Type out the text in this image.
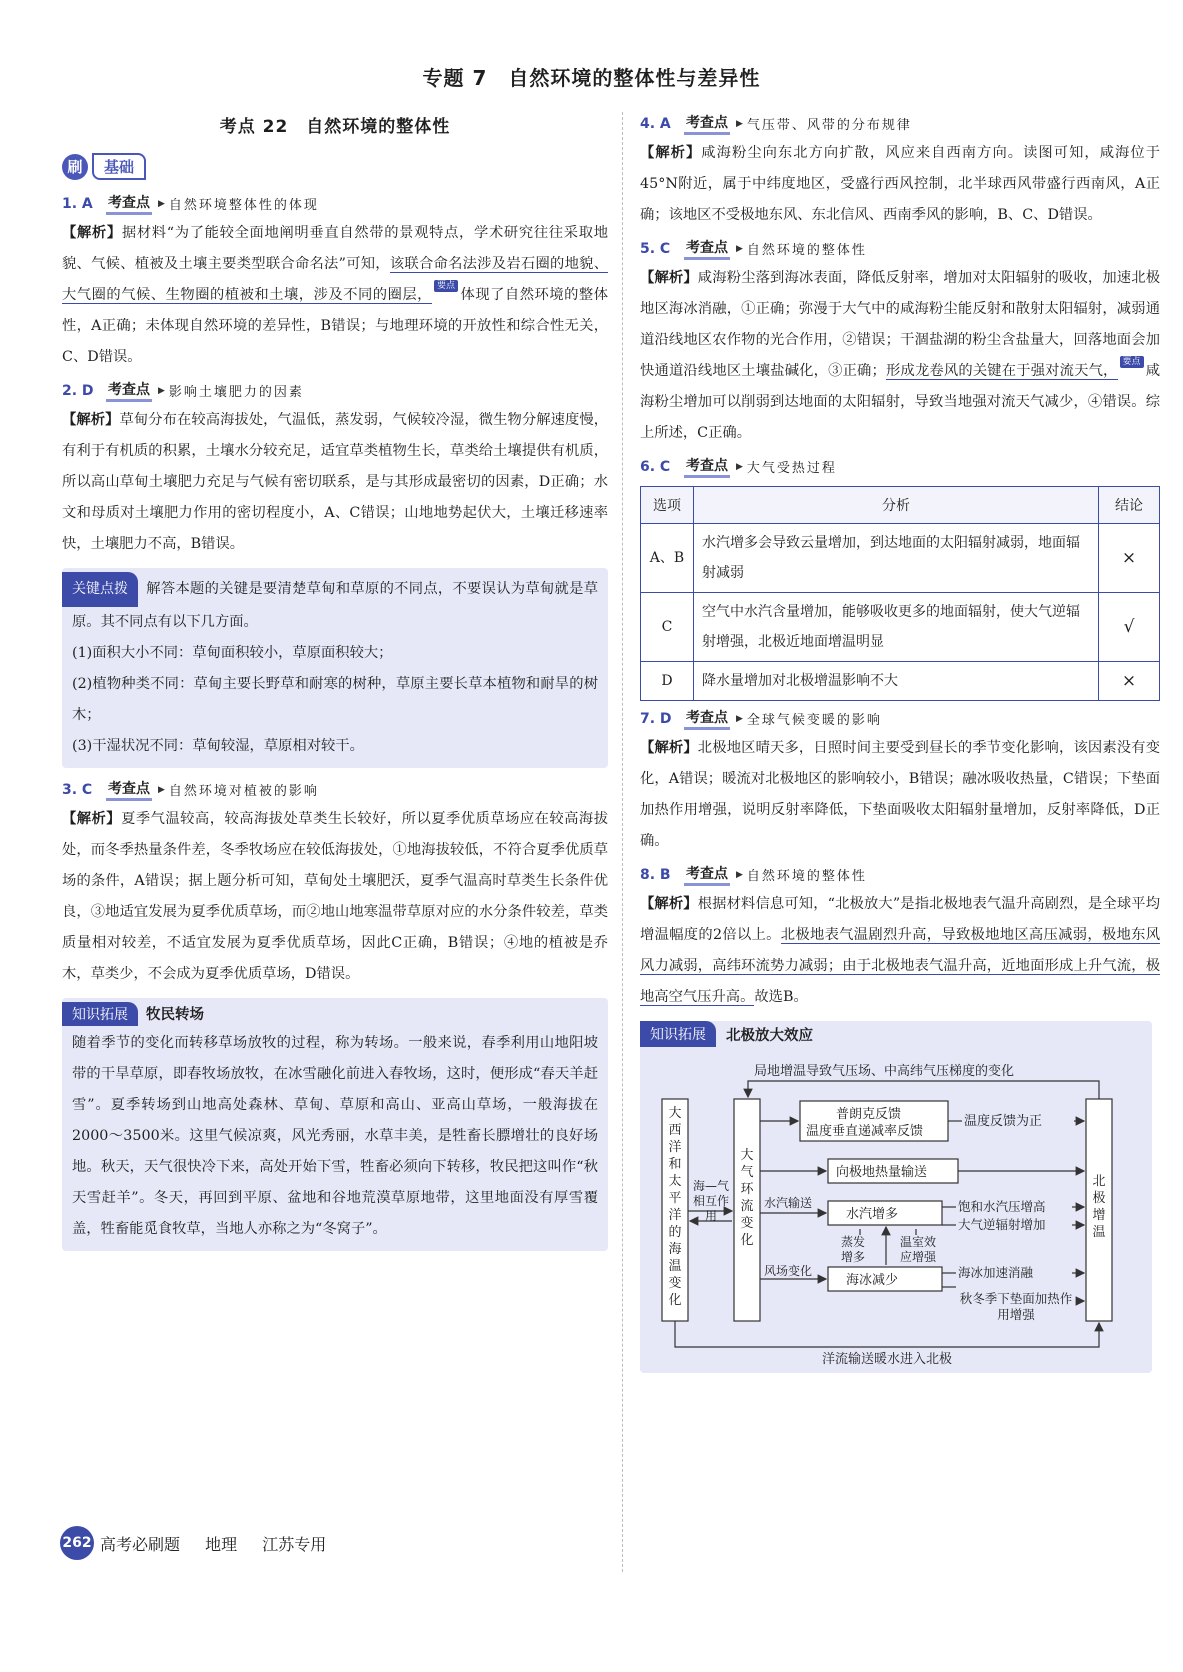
专题 7　自然环境的整体性与差异性
考点 22　自然环境的整体性
刷	基础
1. A	考查点 ▶ 自然环境整体性的体现

【解析】据材料“为了能较全面地阐明垂直自然带的景观特点，学术研究往往采取地貌、气候、植被及土壤主要类型联合命名法”可知，该联合命名法涉及岩石圈的地貌、大气圈的气候、生物圈的植被和土壤，涉及不同的圈层，要点体现了自然环境的整体性，A正确；未体现自然环境的差异性，B错误；与地理环境的开放性和综合性无关，C、D错误。

2. D	考查点 ▶ 影响土壤肥力的因素

【解析】草甸分布在较高海拔处，气温低，蒸发弱，气候较冷湿，微生物分解速度慢，有利于有机质的积累，土壤水分较充足，适宜草类植物生长，草类给土壤提供有机质，所以高山草甸土壤肥力充足与气候有密切联系，是与其形成最密切的因素，D正确；水文和母质对土壤肥力作用的密切程度小，A、C错误；山地地势起伏大，土壤迁移速率快，土壤肥力不高，B错误。

关键点拨 解答本题的关键是要清楚草甸和草原的不同点，不要误认为草甸就是草原。其不同点有以下几方面。

(1)面积大小不同：草甸面积较小，草原面积较大；

(2)植物种类不同：草甸主要长野草和耐寒的树种，草原主要长草本植物和耐旱的树木；

(3)干湿状况不同：草甸较湿，草原相对较干。

3. C	考查点 ▶ 自然环境对植被的影响

【解析】夏季气温较高，较高海拔处草类生长较好，所以夏季优质草场应在较高海拔处，而冬季热量条件差，冬季牧场应在较低海拔处，①地海拔较低，不符合夏季优质草场的条件，A错误；据上题分析可知，草甸处土壤肥沃，夏季气温高时草类生长条件优良，③地适宜发展为夏季优质草场，而②地山地寒温带草原对应的水分条件较差，草类质量相对较差，不适宜发展为夏季优质草场，因此C正确，B错误；④地的植被是乔木，草类少，不会成为夏季优质草场，D错误。

知识拓展 牧民转场

随着季节的变化而转移草场放牧的过程，称为转场。一般来说，春季利用山地阳坡带的干旱草原，即春牧场放牧，在冰雪融化前进入春牧场，这时，便形成“春天羊赶雪”。夏季转场到山地高处森林、草甸、草原和高山、亚高山草场，一般海拔在2000～3500米。这里气候凉爽，风光秀丽，水草丰美，是牲畜长膘增壮的良好场地。秋天，天气很快冷下来，高处开始下雪，牲畜必须向下转移，牧民把这叫作“秋天雪赶羊”。冬天，再回到平原、盆地和谷地荒漠草原地带，这里地面没有厚雪覆盖，牲畜能觅食牧草，当地人亦称之为“冬窝子”。

4. A	考查点 ▶ 气压带、风带的分布规律

【解析】咸海粉尘向东北方向扩散，风应来自西南方向。读图可知，咸海位于45°N附近，属于中纬度地区，受盛行西风控制，北半球西风带盛行西南风，A正确；该地区不受极地东风、东北信风、西南季风的影响，B、C、D错误。

5. C	考查点 ▶ 自然环境的整体性

【解析】咸海粉尘落到海冰表面，降低反射率，增加对太阳辐射的吸收，加速北极地区海冰消融，①正确；弥漫于大气中的咸海粉尘能反射和散射太阳辐射，减弱通道沿线地区农作物的光合作用，②错误；干涸盐湖的粉尘含盐量大，回落地面会加快通道沿线地区土壤盐碱化，③正确；形成龙卷风的关键在于强对流天气，要点咸海粉尘增加可以削弱到达地面的太阳辐射，导致当地强对流天气减少，④错误。综上所述，C正确。

6. C	考查点 ▶ 大气受热过程
选项	分析	结论
A、B	水汽增多会导致云量增加，到达地面的太阳辐射减弱，地面辐射减弱	×
C	空气中水汽含量增加，能够吸收更多的地面辐射，使大气逆辐射增强，北极近地面增温明显	√
D	降水量增加对北极增温影响不大	×
7. D	考查点 ▶ 全球气候变暖的影响

【解析】北极地区晴天多，日照时间主要受到昼长的季节变化影响，该因素没有变化，A错误；暖流对北极地区的影响较小，B错误；融冰吸收热量，C错误；下垫面加热作用增强，说明反射率降低，下垫面吸收太阳辐射量增加，反射率降低，D正确。

8. B	考查点 ▶ 自然环境的整体性

【解析】根据材料信息可知，“北极放大”是指北极地表气温升高剧烈，是全球平均增温幅度的2倍以上。北极地表气温剧烈升高，导致极地地区高压减弱，极地东风风力减弱，高纬环流势力减弱；由于北极地表气温升高，近地面形成上升气流，极地高空气压升高。故选B。

局地增温导致气压场、中高纬气压梯度的变化
普朗克反馈
温度垂直递减率反馈
温度反馈为正
向极地热量输送
水汽输送
水汽增多
饱和水汽压增高
大气逆辐射增加
风场变化
海冰减少
海冰加速消融
洋流输送暖水进入北极
知识拓展	北极放大效应
大西洋和太平洋的海温变化
大气环流变化
北极增温
海—气相互作用
蒸发增多
温室效应增强
秋冬季下垫面加热作用增强
262 高考必刷题 地理 江苏专用
